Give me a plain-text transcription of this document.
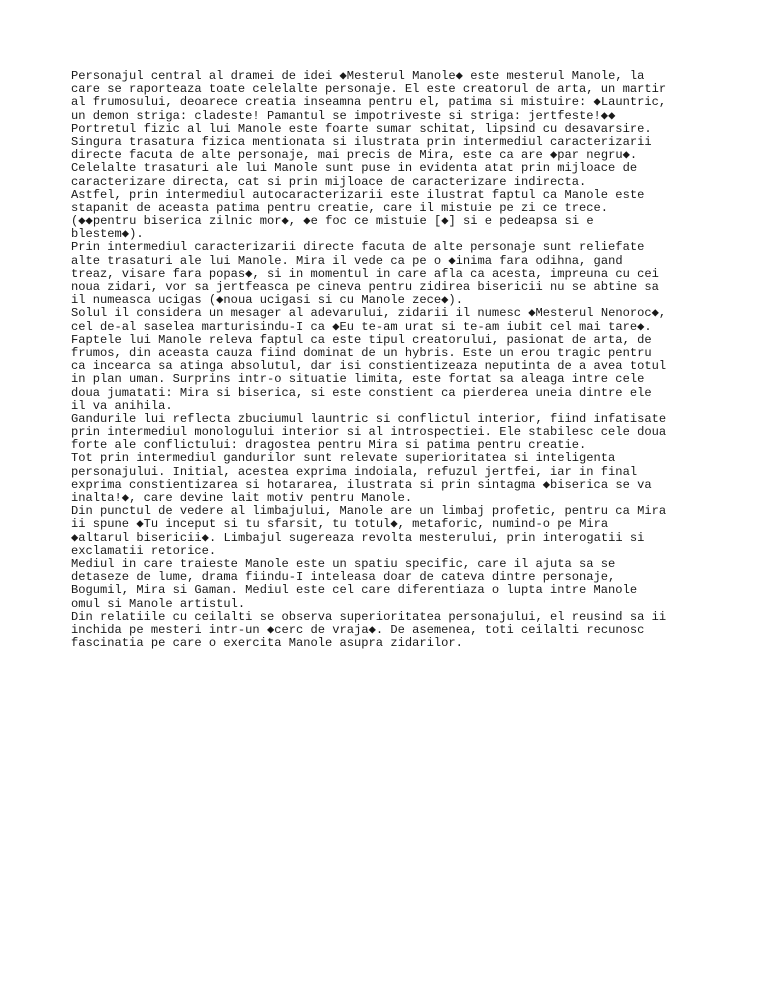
Personajul central al dramei de idei ◆Mesterul Manole◆ este mesterul Manole, la
care se raporteaza toate celelalte personaje. El este creatorul de arta, un martir
al frumosului, deoarece creatia inseamna pentru el, patima si mistuire: ◆Launtric,
un demon striga: cladeste! Pamantul se impotriveste si striga: jertfeste!◆◆
Portretul fizic al lui Manole este foarte sumar schitat, lipsind cu desavarsire.
Singura trasatura fizica mentionata si ilustrata prin intermediul caracterizarii
directe facuta de alte personaje, mai precis de Mira, este ca are ◆par negru◆.
Celelalte trasaturi ale lui Manole sunt puse in evidenta atat prin mijloace de
caracterizare directa, cat si prin mijloace de caracterizare indirecta.
Astfel, prin intermediul autocaracterizarii este ilustrat faptul ca Manole este
stapanit de aceasta patima pentru creatie, care il mistuie pe zi ce trece.
(◆◆pentru biserica zilnic mor◆, ◆e foc ce mistuie [◆] si e pedeapsa si e
blestem◆).
Prin intermediul caracterizarii directe facuta de alte personaje sunt reliefate
alte trasaturi ale lui Manole. Mira il vede ca pe o ◆inima fara odihna, gand
treaz, visare fara popas◆, si in momentul in care afla ca acesta, impreuna cu cei
noua zidari, vor sa jertfeasca pe cineva pentru zidirea bisericii nu se abtine sa
il numeasca ucigas (◆noua ucigasi si cu Manole zece◆).
Solul il considera un mesager al adevarului, zidarii il numesc ◆Mesterul Nenoroc◆,
cel de-al saselea marturisindu-I ca ◆Eu te-am urat si te-am iubit cel mai tare◆.
Faptele lui Manole releva faptul ca este tipul creatorului, pasionat de arta, de
frumos, din aceasta cauza fiind dominat de un hybris. Este un erou tragic pentru
ca incearca sa atinga absolutul, dar isi constientizeaza neputinta de a avea totul
in plan uman. Surprins intr-o situatie limita, este fortat sa aleaga intre cele
doua jumatati: Mira si biserica, si este constient ca pierderea uneia dintre ele
il va anihila.
Gandurile lui reflecta zbuciumul launtric si conflictul interior, fiind infatisate
prin intermediul monologului interior si al introspectiei. Ele stabilesc cele doua
forte ale conflictului: dragostea pentru Mira si patima pentru creatie.
Tot prin intermediul gandurilor sunt relevate superioritatea si inteligenta
personajului. Initial, acestea exprima indoiala, refuzul jertfei, iar in final
exprima constientizarea si hotararea, ilustrata si prin sintagma ◆biserica se va
inalta!◆, care devine lait motiv pentru Manole.
Din punctul de vedere al limbajului, Manole are un limbaj profetic, pentru ca Mira
ii spune ◆Tu inceput si tu sfarsit, tu totul◆, metaforic, numind-o pe Mira
◆altarul bisericii◆. Limbajul sugereaza revolta mesterului, prin interogatii si
exclamatii retorice.
Mediul in care traieste Manole este un spatiu specific, care il ajuta sa se
detaseze de lume, drama fiindu-I inteleasa doar de cateva dintre personaje,
Bogumil, Mira si Gaman. Mediul este cel care diferentiaza o lupta intre Manole
omul si Manole artistul.
Din relatiile cu ceilalti se observa superioritatea personajului, el reusind sa ii
inchida pe mesteri intr-un ◆cerc de vraja◆. De asemenea, toti ceilalti recunosc
fascinatia pe care o exercita Manole asupra zidarilor.
